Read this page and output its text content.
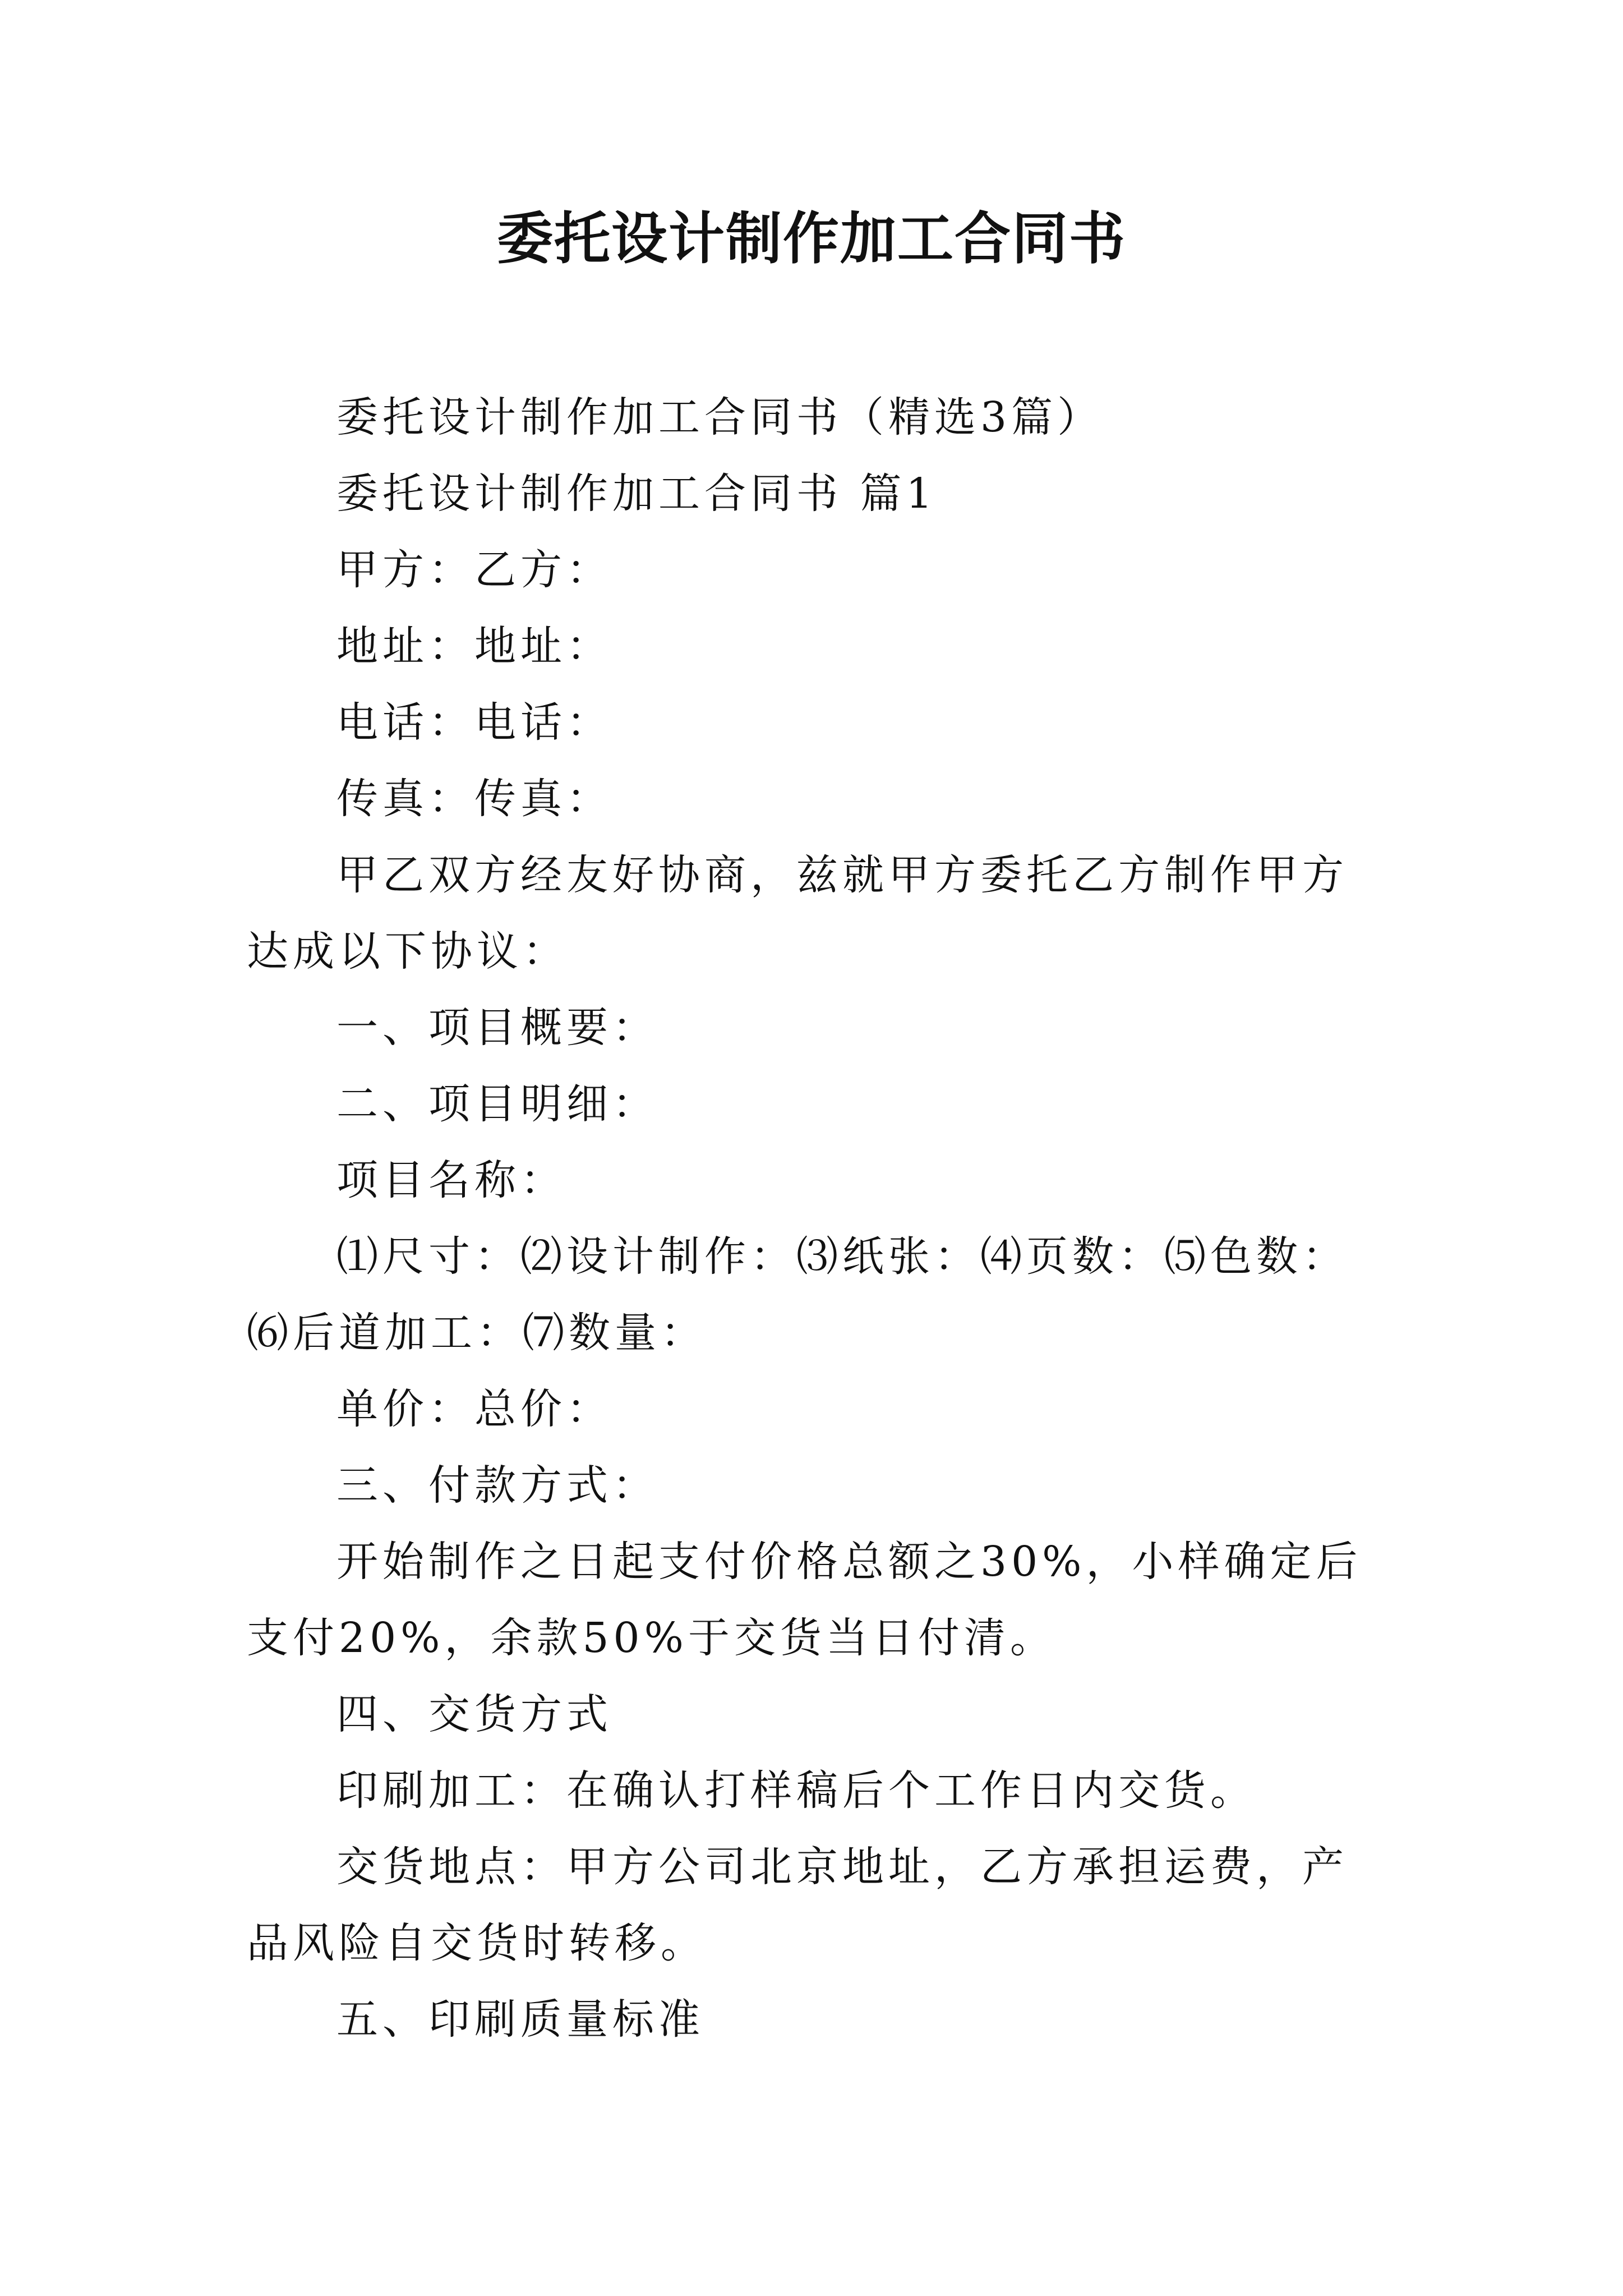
委托设计制作加工合同书

委托设计制作加工合同书（精选3篇）

委托设计制作加工合同书 篇1

甲方：乙方：

地址：地址：

电话：电话：

传真：传真：

甲乙双方经友好协商，兹就甲方委托乙方制作甲方达成以下协议：

一、项目概要：

二、项目明细：

项目名称：

⑴尺寸：⑵设计制作：⑶纸张：⑷页数：⑸色数：⑹后道加工：⑺数量：

单价：总价：

三、付款方式：

开始制作之日起支付价格总额之30%，小样确定后支付20%，余款50%于交货当日付清。

四、交货方式

印刷加工：在确认打样稿后个工作日内交货。

交货地点：甲方公司北京地址，乙方承担运费，产品风险自交货时转移。

五、印刷质量标准
